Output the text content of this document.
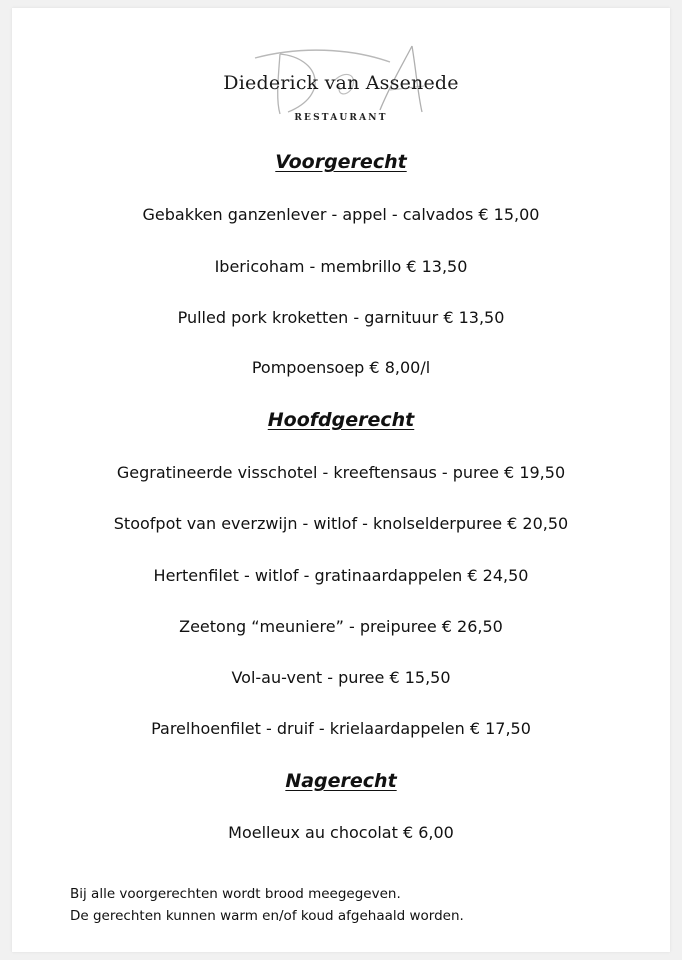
Diederick van Assenede
RESTAURANT
Voorgerecht
Gebakken ganzenlever - appel - calvados € 15,00
Ibericoham - membrillo € 13,50
Pulled pork kroketten - garnituur € 13,50
Pompoensoep € 8,00/l
Hoofdgerecht
Gegratineerde visschotel - kreeftensaus - puree € 19,50
Stoofpot van everzwijn - witlof - knolselderpuree € 20,50
Hertenfilet - witlof - gratinaardappelen € 24,50
Zeetong “meuniere” - preipuree € 26,50
Vol-au-vent - puree € 15,50
Parelhoenfilet - druif - krielaardappelen € 17,50
Nagerecht
Moelleux au chocolat € 6,00
Bij alle voorgerechten wordt brood meegegeven.
De gerechten kunnen warm en/of koud afgehaald worden.
